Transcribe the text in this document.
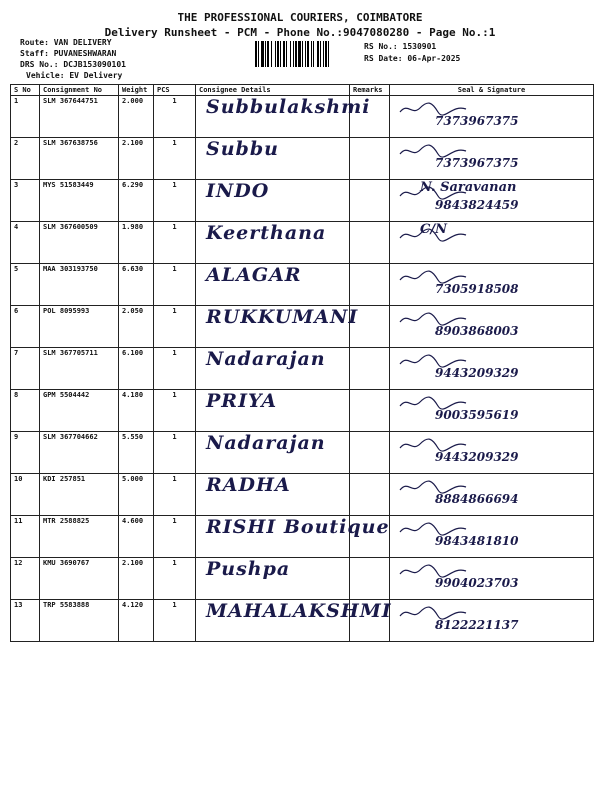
THE PROFESSIONAL COURIERS, COIMBATORE
Delivery Runsheet - PCM - Phone No.:9047080280 - Page No.:1
Route: VAN DELIVERY
Staff: PUVANESHWARAN
DRS No.: DCJB153090101
Vehicle: EV Delivery
RS No.: 1530901
RS Date: 06-Apr-2025
S No	Consignment No	Weight	PCS	Consignee Details	Remarks	Seal & Signature
1	SLM 367644751	2.000	1	Subbulakshmi		7373967375

2	SLM 367638756	2.100	1	Subbu		7373967375

3	MYS 51583449	6.290	1	INDO		N. Saravanan
9843824459

4	SLM 367600509	1.980	1	Keerthana		C/N

5	MAA 303193750	6.630	1	ALAGAR		7305918508

6	POL 8095993	2.050	1	RUKKUMANI		8903868003

7	SLM 367705711	6.100	1	Nadarajan		9443209329

8	GPM 5504442	4.180	1	PRIYA		9003595619

9	SLM 367704662	5.550	1	Nadarajan		9443209329

10	KDI 257851	5.000	1	RADHA		8884866694

11	MTR 2588825	4.600	1	RISHI Boutique		9843481810

12	KMU 3690767	2.100	1	Pushpa		9904023703

13	TRP 5583888	4.120	1	MAHALAKSHMI		8122221137
